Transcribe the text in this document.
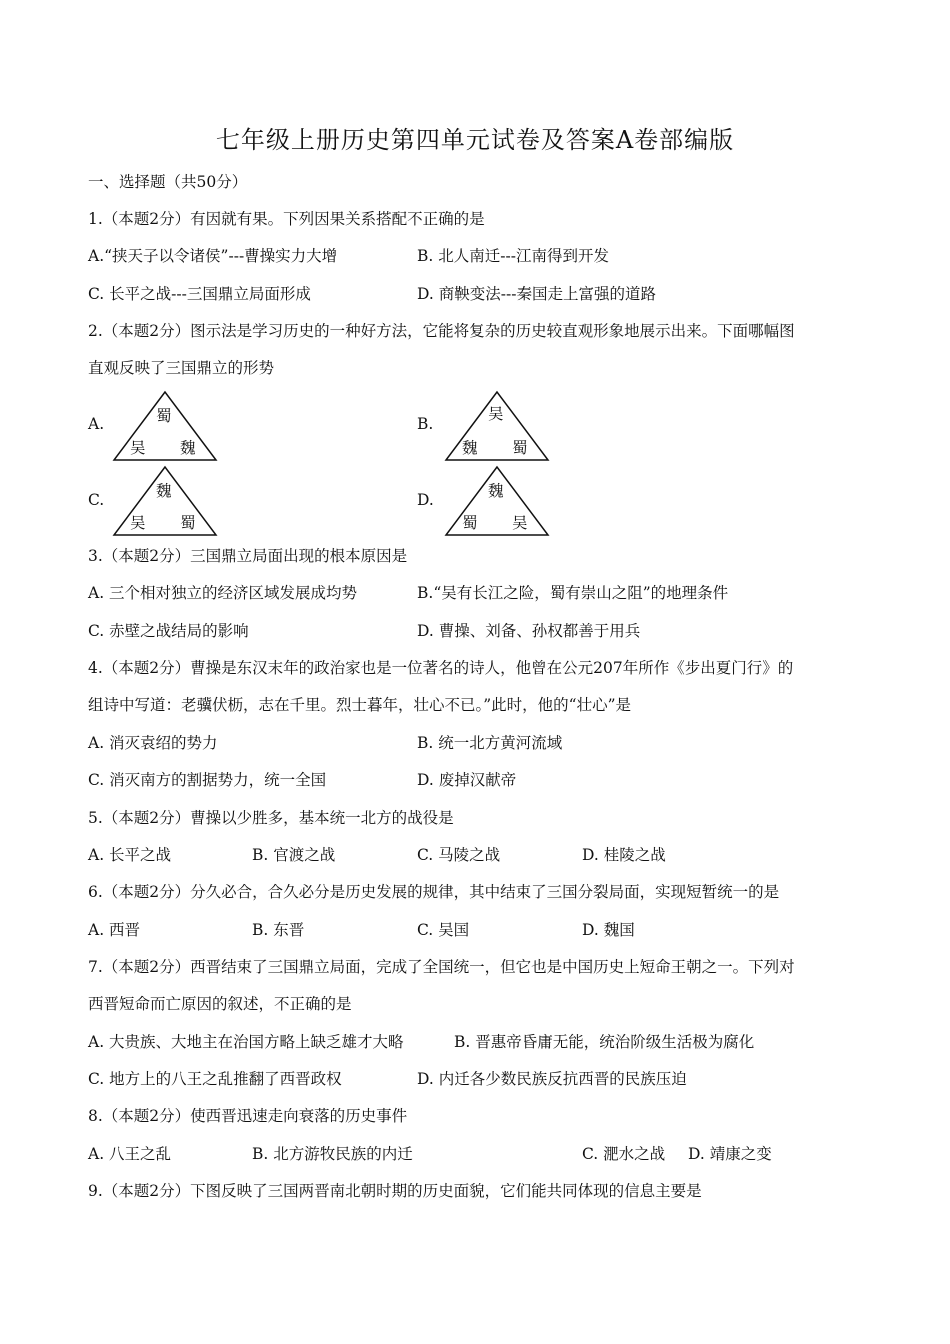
七年级上册历史第四单元试卷及答案A卷部编版
一、选择题（共50分）
1.（本题2分）有因就有果。下列因果关系搭配不正确的是
A.“挟天子以令诸侯”---曹操实力大增	B. 北人南迁---江南得到开发
C. 长平之战---三国鼎立局面形成	D. 商鞅变法---秦国走上富强的道路
2.（本题2分）图示法是学习历史的一种好方法，它能将复杂的历史较直观形象地展示出来。下面哪幅图
直观反映了三国鼎立的形势
A.	B.
C.	D.
蜀
吴 魏
吴
魏 蜀
魏
吴 蜀
魏
蜀 吴
3.（本题2分）三国鼎立局面出现的根本原因是
A. 三个相对独立的经济区域发展成均势	B.“吴有长江之险，蜀有崇山之阻”的地理条件
C. 赤壁之战结局的影响	D. 曹操、刘备、孙权都善于用兵
4.（本题2分）曹操是东汉末年的政治家也是一位著名的诗人，他曾在公元207年所作《步出夏门行》的
组诗中写道：老骥伏枥，志在千里。烈士暮年，壮心不已。”此时，他的“壮心”是
A. 消灭袁绍的势力	B. 统一北方黄河流域
C. 消灭南方的割据势力，统一全国	D. 废掉汉献帝
5.（本题2分）曹操以少胜多，基本统一北方的战役是
A. 长平之战	B. 官渡之战	C. 马陵之战	D. 桂陵之战
6.（本题2分）分久必合，合久必分是历史发展的规律，其中结束了三国分裂局面，实现短暂统一的是
A. 西晋	B. 东晋	C. 吴国	D. 魏国
7.（本题2分）西晋结束了三国鼎立局面，完成了全国统一，但它也是中国历史上短命王朝之一。下列对
西晋短命而亡原因的叙述，不正确的是
A. 大贵族、大地主在治国方略上缺乏雄才大略	B. 晋惠帝昏庸无能，统治阶级生活极为腐化
C. 地方上的八王之乱推翻了西晋政权	D. 内迁各少数民族反抗西晋的民族压迫
8.（本题2分）使西晋迅速走向衰落的历史事件
A. 八王之乱	B. 北方游牧民族的内迁	C. 淝水之战 D. 靖康之变
9.（本题2分）下图反映了三国两晋南北朝时期的历史面貌，它们能共同体现的信息主要是
